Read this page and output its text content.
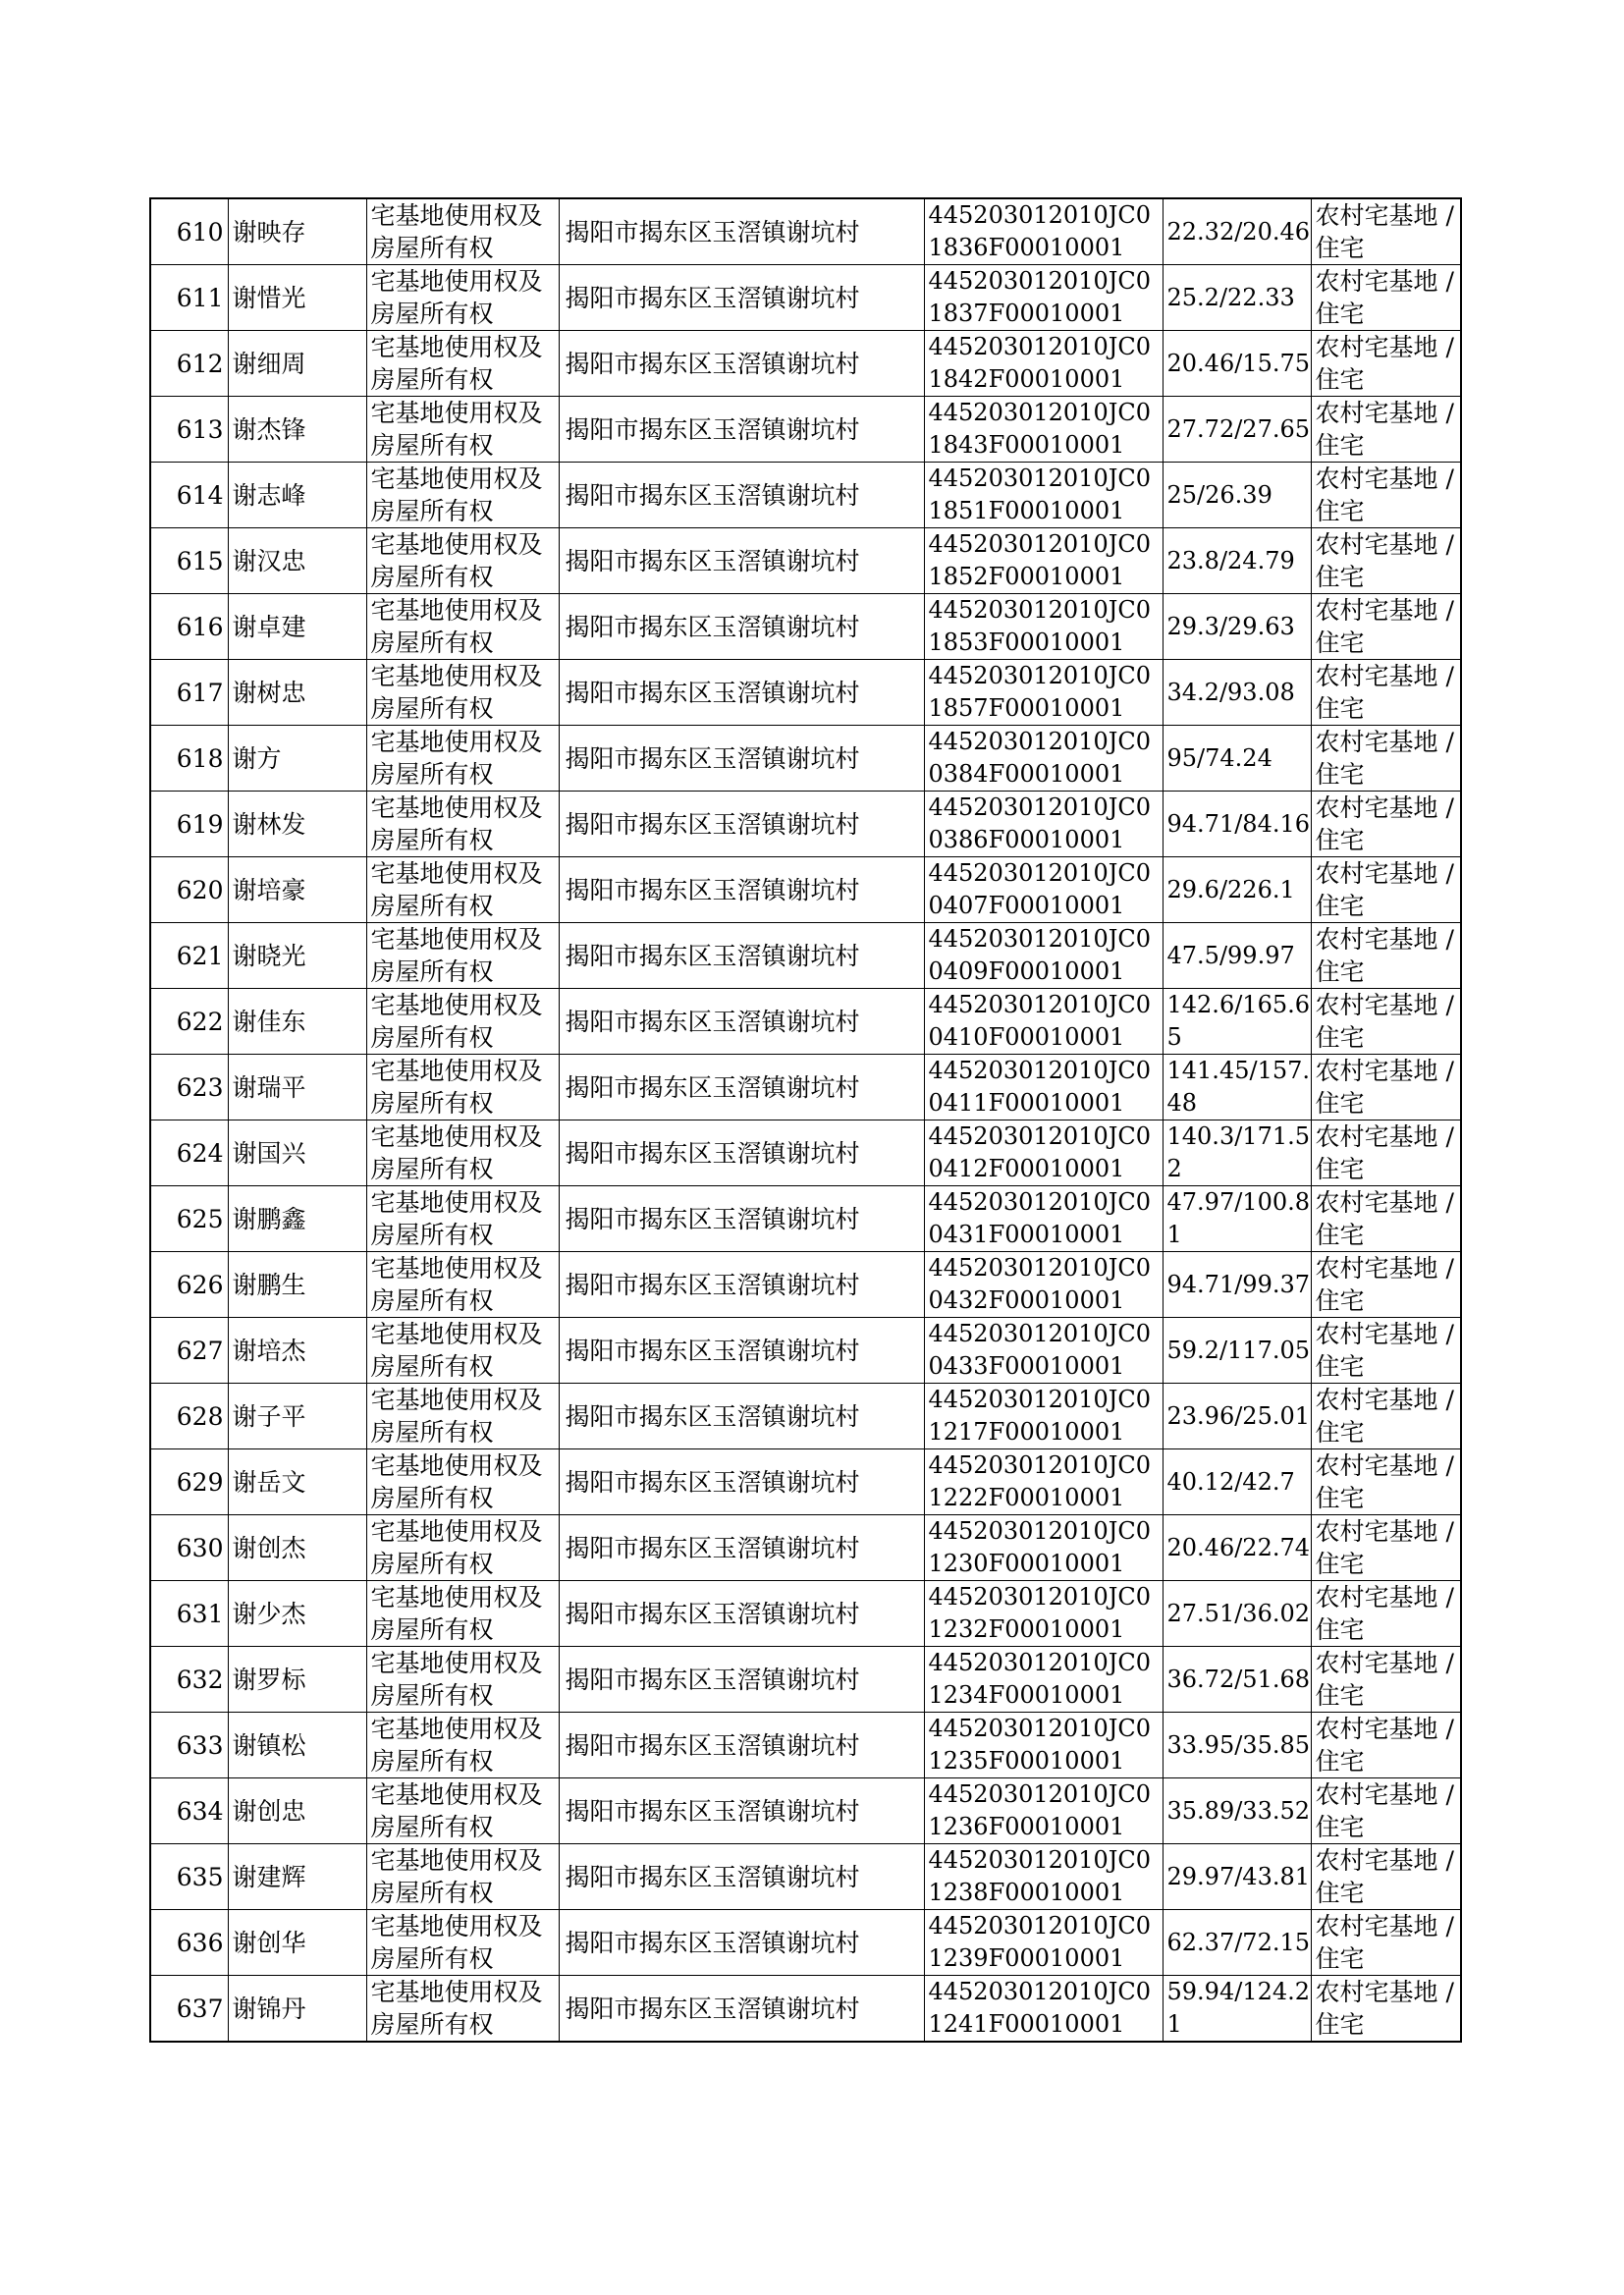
610	谢映存	宅基地使用权及房屋所有权	揭阳市揭东区玉滘镇谢坑村	445203012010JC01836F00010001	22.32/20.46	农村宅基地 / 住宅

611	谢惜光	宅基地使用权及房屋所有权	揭阳市揭东区玉滘镇谢坑村	445203012010JC01837F00010001	25.2/22.33	农村宅基地 / 住宅

612	谢细周	宅基地使用权及房屋所有权	揭阳市揭东区玉滘镇谢坑村	445203012010JC01842F00010001	20.46/15.75	农村宅基地 / 住宅

613	谢杰锋	宅基地使用权及房屋所有权	揭阳市揭东区玉滘镇谢坑村	445203012010JC01843F00010001	27.72/27.65	农村宅基地 / 住宅

614	谢志峰	宅基地使用权及房屋所有权	揭阳市揭东区玉滘镇谢坑村	445203012010JC01851F00010001	25/26.39	农村宅基地 / 住宅

615	谢汉忠	宅基地使用权及房屋所有权	揭阳市揭东区玉滘镇谢坑村	445203012010JC01852F00010001	23.8/24.79	农村宅基地 / 住宅

616	谢卓建	宅基地使用权及房屋所有权	揭阳市揭东区玉滘镇谢坑村	445203012010JC01853F00010001	29.3/29.63	农村宅基地 / 住宅

617	谢树忠	宅基地使用权及房屋所有权	揭阳市揭东区玉滘镇谢坑村	445203012010JC01857F00010001	34.2/93.08	农村宅基地 / 住宅

618	谢方	宅基地使用权及房屋所有权	揭阳市揭东区玉滘镇谢坑村	445203012010JC00384F00010001	95/74.24	农村宅基地 / 住宅

619	谢林发	宅基地使用权及房屋所有权	揭阳市揭东区玉滘镇谢坑村	445203012010JC00386F00010001	94.71/84.16	农村宅基地 / 住宅

620	谢培豪	宅基地使用权及房屋所有权	揭阳市揭东区玉滘镇谢坑村	445203012010JC00407F00010001	29.6/226.1	农村宅基地 / 住宅

621	谢晓光	宅基地使用权及房屋所有权	揭阳市揭东区玉滘镇谢坑村	445203012010JC00409F00010001	47.5/99.97	农村宅基地 / 住宅

622	谢佳东	宅基地使用权及房屋所有权	揭阳市揭东区玉滘镇谢坑村	445203012010JC00410F00010001	142.6/165.65	农村宅基地 / 住宅

623	谢瑞平	宅基地使用权及房屋所有权	揭阳市揭东区玉滘镇谢坑村	445203012010JC00411F00010001	141.45/157.48	农村宅基地 / 住宅

624	谢国兴	宅基地使用权及房屋所有权	揭阳市揭东区玉滘镇谢坑村	445203012010JC00412F00010001	140.3/171.52	农村宅基地 / 住宅

625	谢鹏鑫	宅基地使用权及房屋所有权	揭阳市揭东区玉滘镇谢坑村	445203012010JC00431F00010001	47.97/100.81	农村宅基地 / 住宅

626	谢鹏生	宅基地使用权及房屋所有权	揭阳市揭东区玉滘镇谢坑村	445203012010JC00432F00010001	94.71/99.37	农村宅基地 / 住宅

627	谢培杰	宅基地使用权及房屋所有权	揭阳市揭东区玉滘镇谢坑村	445203012010JC00433F00010001	59.2/117.05	农村宅基地 / 住宅

628	谢子平	宅基地使用权及房屋所有权	揭阳市揭东区玉滘镇谢坑村	445203012010JC01217F00010001	23.96/25.01	农村宅基地 / 住宅

629	谢岳文	宅基地使用权及房屋所有权	揭阳市揭东区玉滘镇谢坑村	445203012010JC01222F00010001	40.12/42.7	农村宅基地 / 住宅

630	谢创杰	宅基地使用权及房屋所有权	揭阳市揭东区玉滘镇谢坑村	445203012010JC01230F00010001	20.46/22.74	农村宅基地 / 住宅

631	谢少杰	宅基地使用权及房屋所有权	揭阳市揭东区玉滘镇谢坑村	445203012010JC01232F00010001	27.51/36.02	农村宅基地 / 住宅

632	谢罗标	宅基地使用权及房屋所有权	揭阳市揭东区玉滘镇谢坑村	445203012010JC01234F00010001	36.72/51.68	农村宅基地 / 住宅

633	谢镇松	宅基地使用权及房屋所有权	揭阳市揭东区玉滘镇谢坑村	445203012010JC01235F00010001	33.95/35.85	农村宅基地 / 住宅

634	谢创忠	宅基地使用权及房屋所有权	揭阳市揭东区玉滘镇谢坑村	445203012010JC01236F00010001	35.89/33.52	农村宅基地 / 住宅

635	谢建辉	宅基地使用权及房屋所有权	揭阳市揭东区玉滘镇谢坑村	445203012010JC01238F00010001	29.97/43.81	农村宅基地 / 住宅

636	谢创华	宅基地使用权及房屋所有权	揭阳市揭东区玉滘镇谢坑村	445203012010JC01239F00010001	62.37/72.15	农村宅基地 / 住宅

637	谢锦丹	宅基地使用权及房屋所有权	揭阳市揭东区玉滘镇谢坑村	445203012010JC01241F00010001	59.94/124.21	农村宅基地 / 住宅
